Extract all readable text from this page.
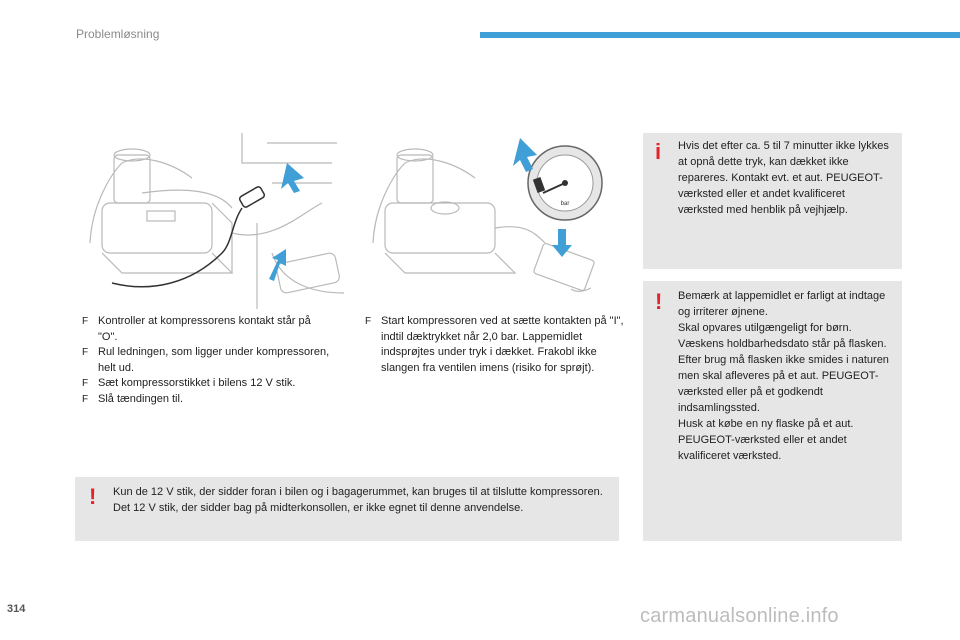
Problemløsning
bar

F Kontroller at kompressorens kontakt står på "O".

F Rul ledningen, som ligger under kompressoren, helt ud.

F Sæt kompressorstikket i bilens 12 V stik.

F Slå tændingen til.

F Start kompressoren ved at sætte kontakten på "I", indtil dæktrykket når 2,0 bar. Lappemidlet indsprøjtes under tryk i dækket. Frakobl ikke slangen fra ventilen imens (risiko for sprøjt).

! Kun de 12 V stik, der sidder foran i bilen og i bagagerummet, kan bruges til at tilslutte kompressoren.
Det 12 V stik, der sidder bag på midterkonsollen, er ikke egnet til denne anvendelse.
i Hvis det efter ca. 5 til 7 minutter ikke lykkes at opnå dette tryk, kan dækket ikke repareres. Kontakt evt. et aut. PEUGEOT-værksted eller et andet kvalificeret værksted med henblik på vejhjælp.
! Bemærk at lappemidlet er farligt at indtage og irriterer øjnene.
Skal opvares utilgængeligt for børn.
Væskens holdbarhedsdato står på flasken.
Efter brug må flasken ikke smides i naturen men skal afleveres på et aut. PEUGEOT-værksted eller på et godkendt indsamlingssted.
Husk at købe en ny flaske på et aut. PEUGEOT-værksted eller et andet kvalificeret værksted.
314	carmanualsonline.info
